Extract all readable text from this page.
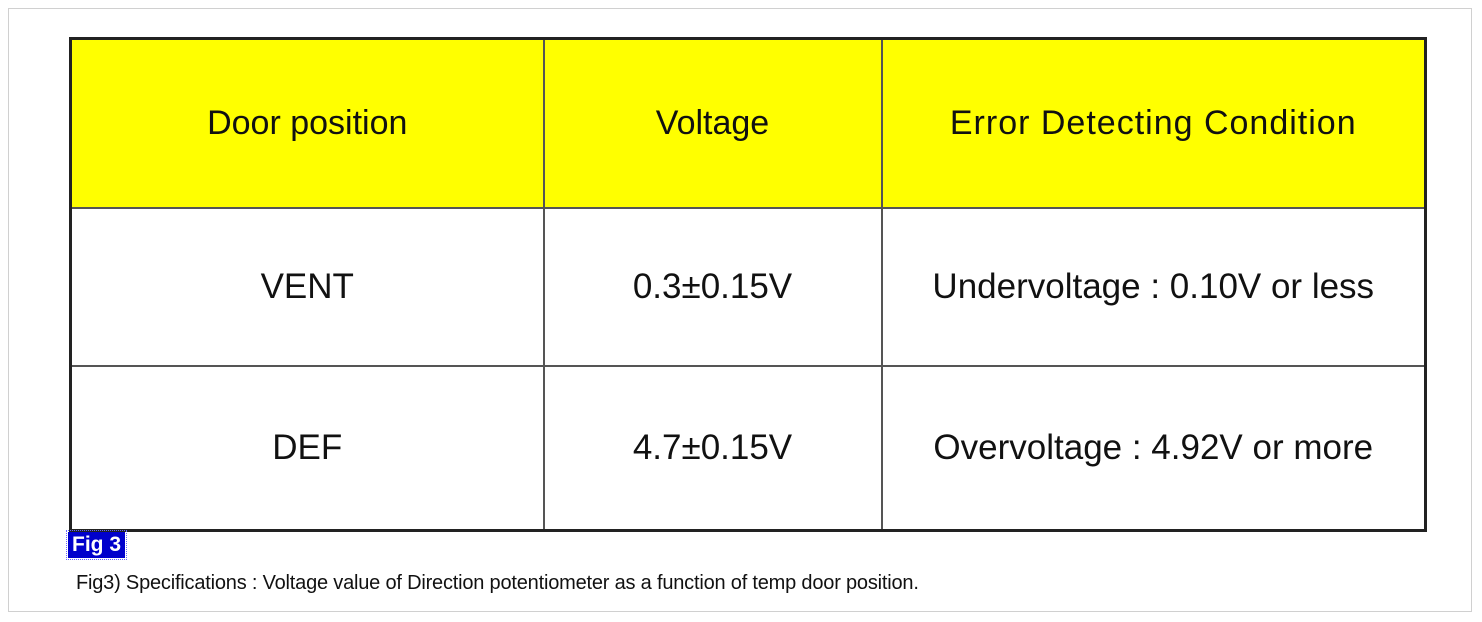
Door position	Voltage	Error Detecting Condition
VENT	0.3±0.15V	Undervoltage : 0.10V or less
DEF	4.7±0.15V	Overvoltage : 4.92V or more
Fig 3
Fig3) Specifications : Voltage value of Direction potentiometer as a function of temp door position.
